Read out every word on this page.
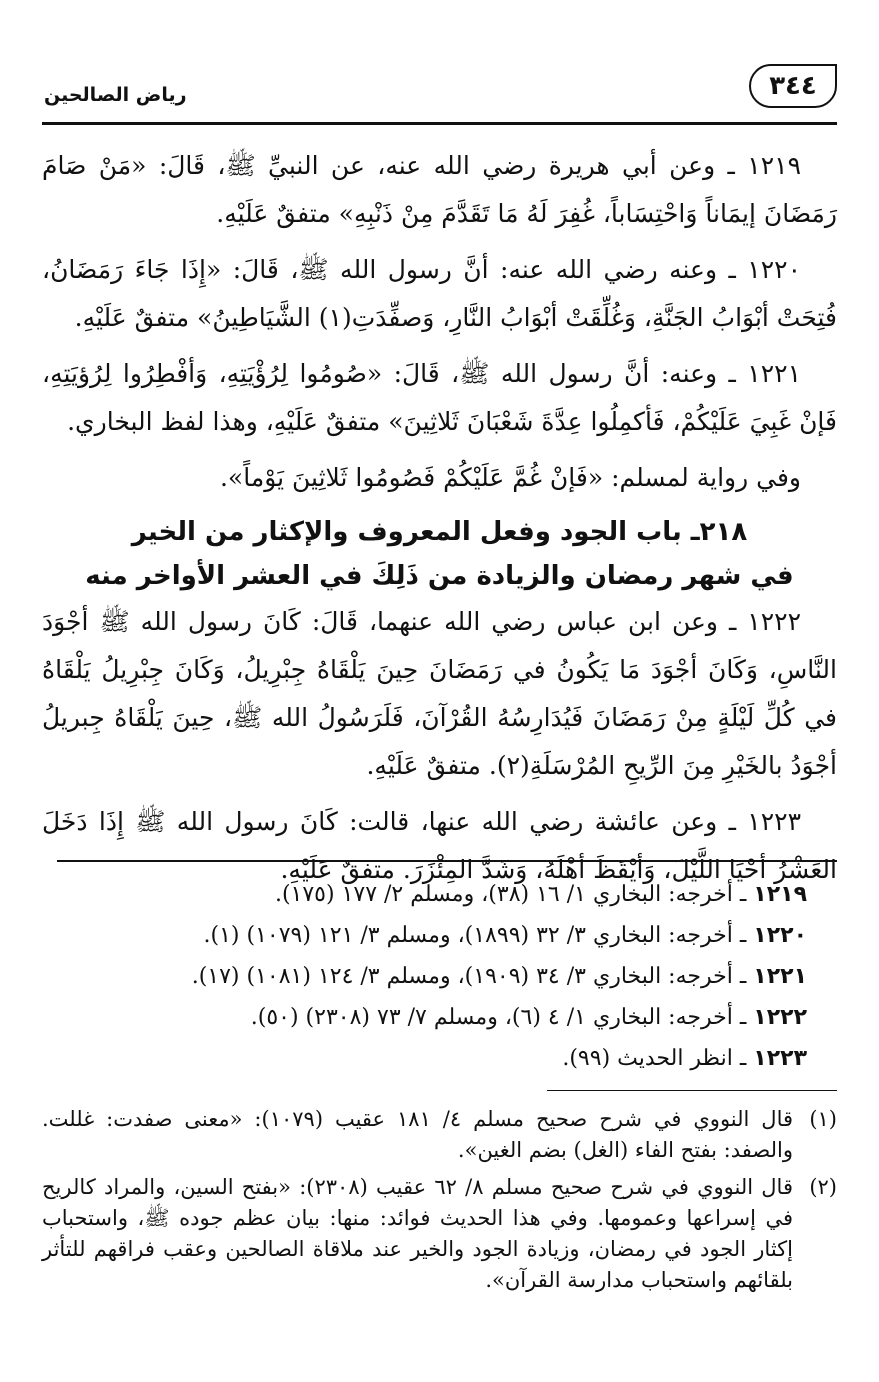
رياض الصالحين	٣٤٤

١٢١٩ ـ وعن أبي هريرة رضي الله عنه، عن النبيِّ ﷺ، قَالَ: «مَنْ صَامَ رَمَضَانَ إيمَاناً وَاحْتِسَاباً، غُفِرَ لَهُ مَا تَقَدَّمَ مِنْ ذَنْبِهِ» متفقٌ عَلَيْهِ.

١٢٢٠ ـ وعنه رضي الله عنه: أنَّ رسول الله ﷺ، قَالَ: «إِذَا جَاءَ رَمَضَانُ، فُتِحَتْ أبْوَابُ الجَنَّةِ، وَغُلِّقَتْ أبْوَابُ النَّارِ، وَصفِّدَتِ(١) الشَّيَاطِينُ» متفقٌ عَلَيْهِ.

١٢٢١ ـ وعنه: أنَّ رسول الله ﷺ، قَالَ: «صُومُوا لِرُؤْيَتِهِ، وَأفْطِرُوا لِرُؤيَتِهِ، فَإنْ غَبِيَ عَلَيْكُمْ، فَأكمِلُوا عِدَّةَ شَعْبَانَ ثَلاثِينَ» متفقٌ عَلَيْهِ، وهذا لفظ البخاري.

وفي رواية لمسلم: «فَإنْ غُمَّ عَلَيْكُمْ فَصُومُوا ثَلاثِينَ يَوْماً».

٢١٨ـ باب الجود وفعل المعروف والإكثار من الخير

في شهر رمضان والزيادة من ذَلِكَ في العشر الأواخر منه

١٢٢٢ ـ وعن ابن عباس رضي الله عنهما، قَالَ: كَانَ رسول الله ﷺ أجْوَدَ النَّاسِ، وَكَانَ أجْوَدَ مَا يَكُونُ في رَمَضَانَ حِينَ يَلْقَاهُ جِبْرِيلُ، وَكَانَ جِبْرِيلُ يَلْقَاهُ في كُلِّ لَيْلَةٍ مِنْ رَمَضَانَ فَيُدَارِسُهُ القُرْآنَ، فَلَرَسُولُ الله ﷺ، حِينَ يَلْقَاهُ جِبريلُ أجْوَدُ بالخَيْرِ مِنَ الرِّيحِ المُرْسَلَةِ(٢). متفقٌ عَلَيْهِ.

١٢٢٣ ـ وعن عائشة رضي الله عنها، قالت: كَانَ رسول الله ﷺ إِذَا دَخَلَ العَشْرُ أحْيَا اللَّيْلَ، وَأيْقَظَ أهْلَهُ، وَشَدَّ المِئْزَرَ. متفقٌ عَلَيْهِ.

١٢١٩ ـ أخرجه: البخاري ١/ ١٦ (٣٨)، ومسلم ٢/ ١٧٧ (١٧٥).
١٢٢٠ ـ أخرجه: البخاري ٣/ ٣٢ (١٨٩٩)، ومسلم ٣/ ١٢١ (١٠٧٩) (١).
١٢٢١ ـ أخرجه: البخاري ٣/ ٣٤ (١٩٠٩)، ومسلم ٣/ ١٢٤ (١٠٨١) (١٧).
١٢٢٢ ـ أخرجه: البخاري ١/ ٤ (٦)، ومسلم ٧/ ٧٣ (٢٣٠٨) (٥٠).
١٢٢٣ ـ انظر الحديث (٩٩).
(١)
قال النووي في شرح صحيح مسلم ٤/ ١٨١ عقيب (١٠٧٩): «معنى صفدت: غللت. والصفد: بفتح الفاء (الغل) بضم الغين».
(٢)
قال النووي في شرح صحيح مسلم ٨/ ٦٢ عقيب (٢٣٠٨): «بفتح السين، والمراد كالريح في إسراعها وعمومها. وفي هذا الحديث فوائد: منها: بيان عظم جوده ﷺ، واستحباب إكثار الجود في رمضان، وزيادة الجود والخير عند ملاقاة الصالحين وعقب فراقهم للتأثر بلقائهم واستحباب مدارسة القرآن».
